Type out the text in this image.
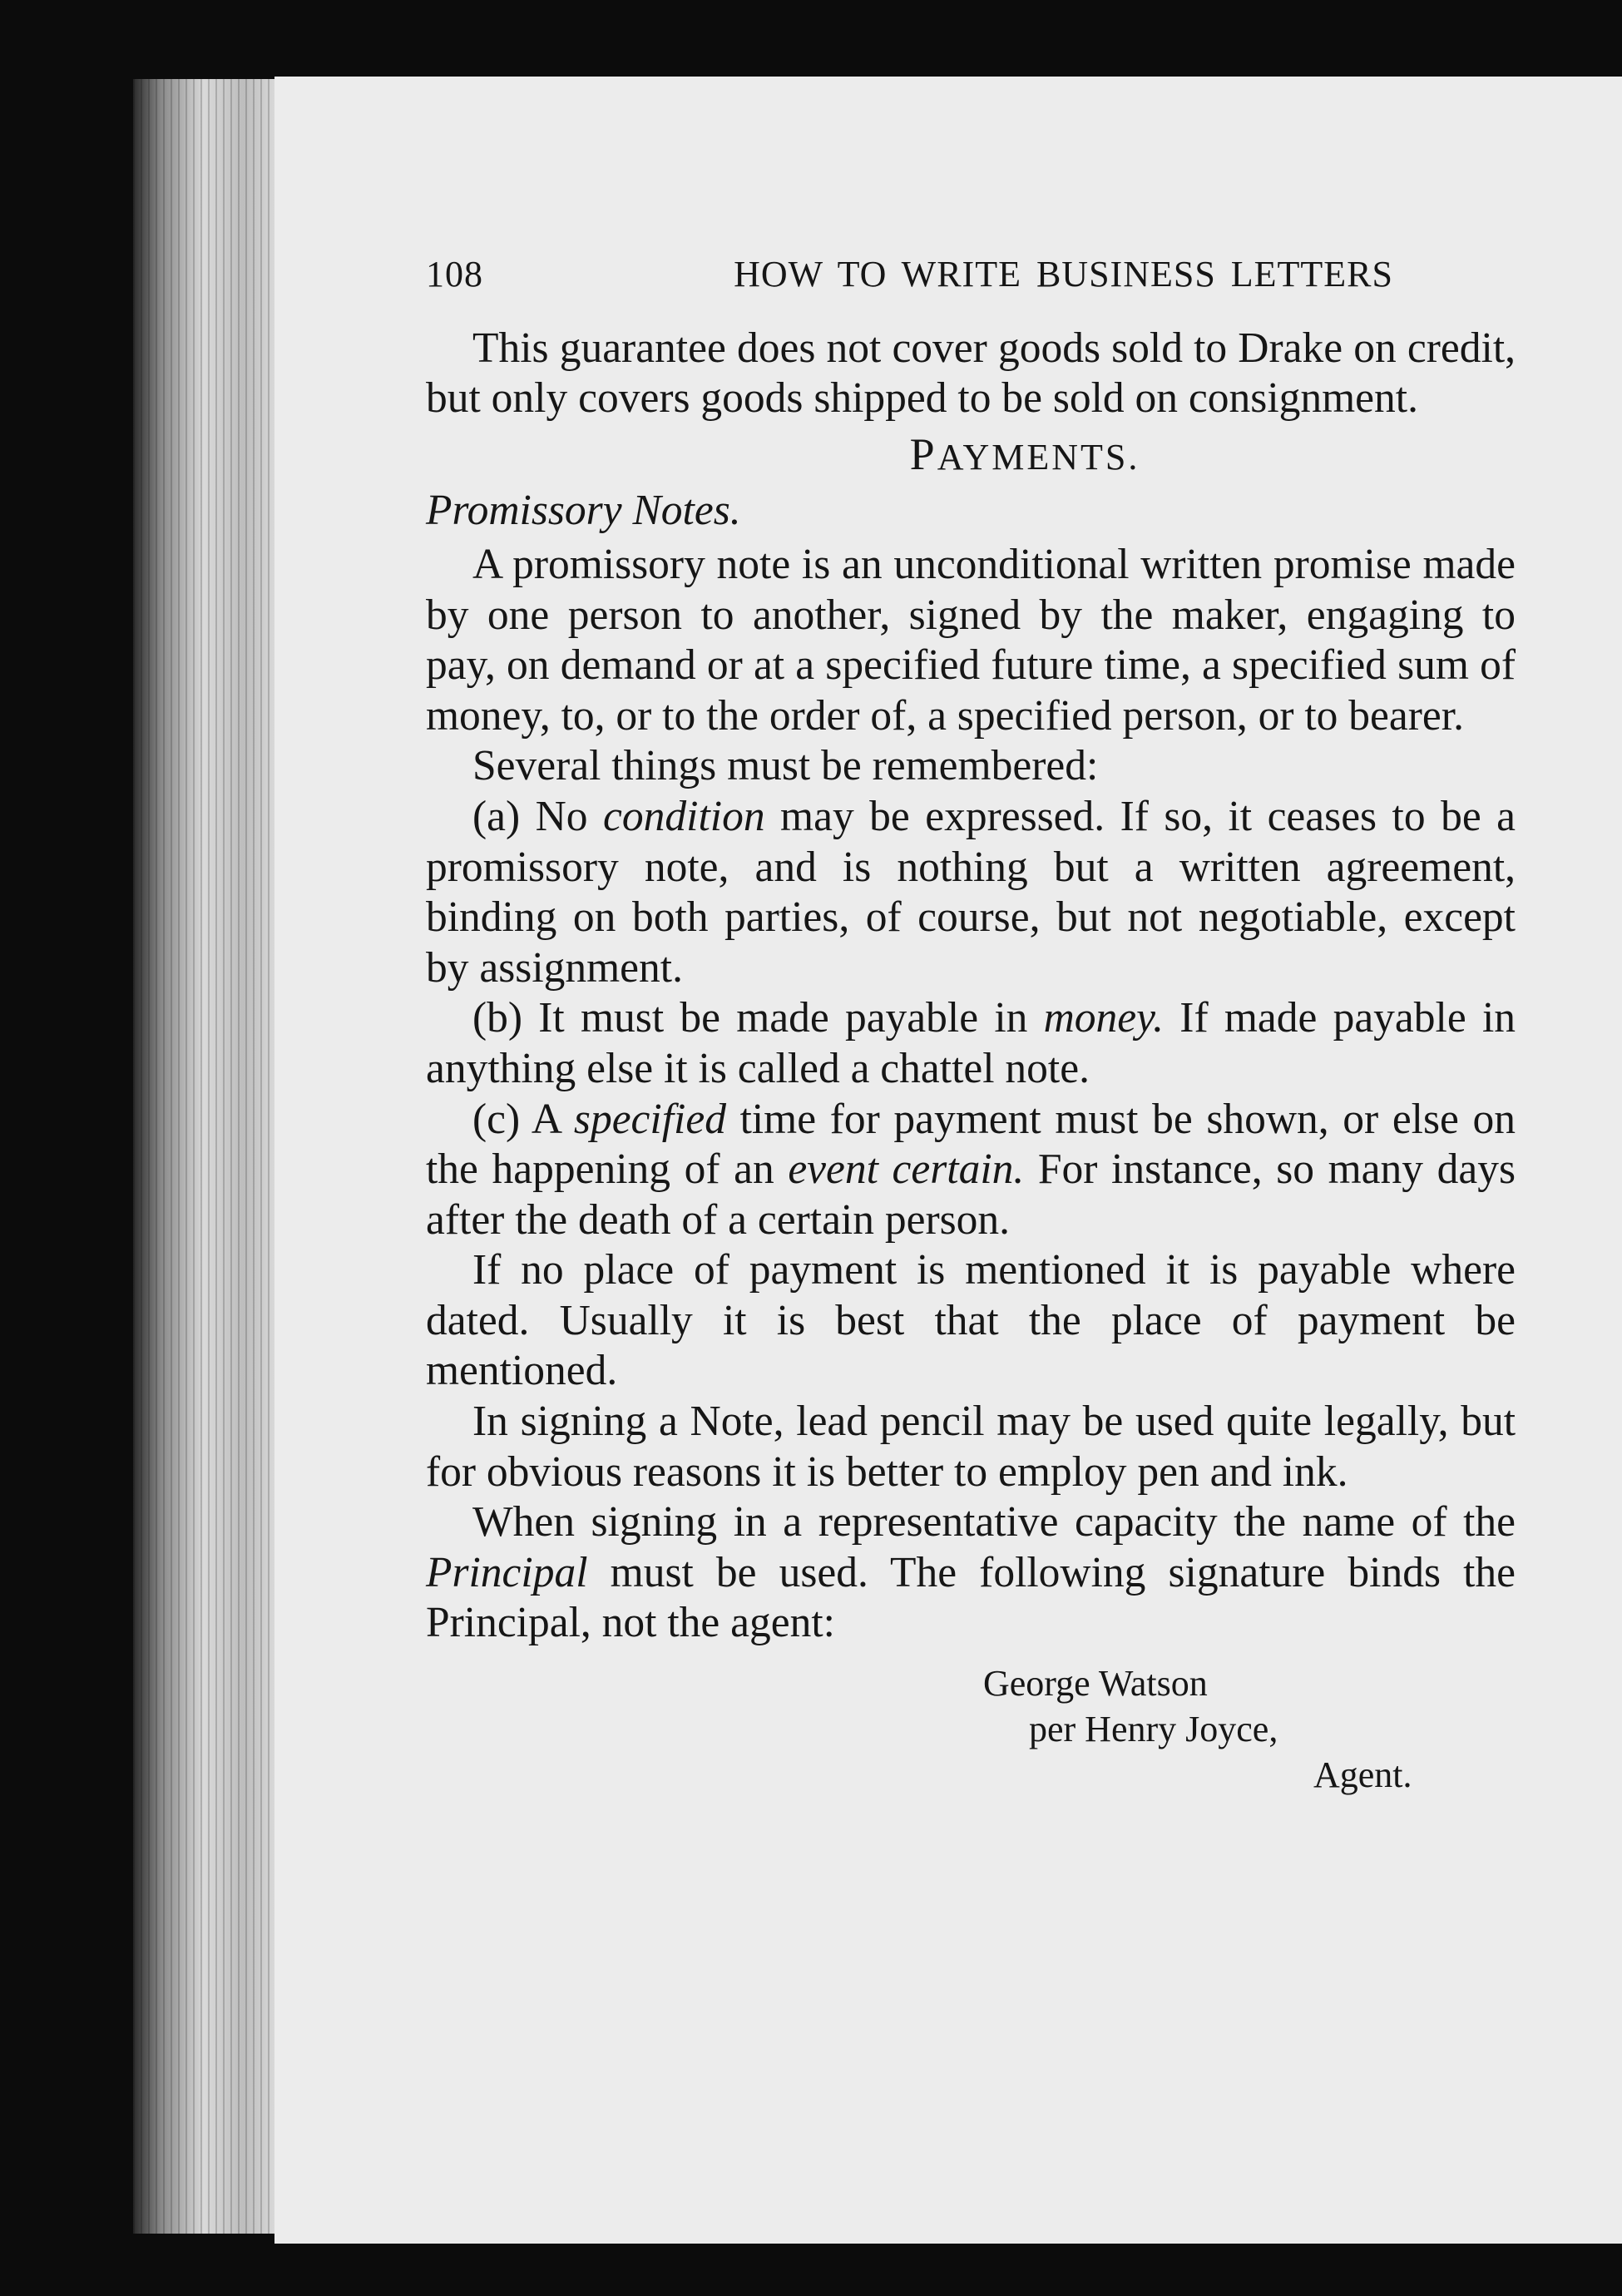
108	HOW TO WRITE BUSINESS LETTERS

This guarantee does not cover goods sold to Drake on credit, but only covers goods shipped to be sold on consignment.

PAYMENTS.
Promissory Notes.

A promissory note is an unconditional written promise made by one person to another, signed by the maker, engaging to pay, on demand or at a specified future time, a specified sum of money, to, or to the order of, a specified person, or to bearer.

Several things must be remembered:

(a) No condition may be expressed. If so, it ceases to be a promissory note, and is nothing but a written agreement, binding on both parties, of course, but not negotiable, except by assignment.

(b) It must be made payable in money. If made payable in anything else it is called a chattel note.

(c) A specified time for payment must be shown, or else on the happening of an event certain. For instance, so many days after the death of a certain person.

If no place of payment is mentioned it is payable where dated. Usually it is best that the place of payment be mentioned.

In signing a Note, lead pencil may be used quite legally, but for obvious reasons it is better to employ pen and ink.

When signing in a representative capacity the name of the Principal must be used. The following signature binds the Principal, not the agent:

George Watson
per Henry Joyce,
Agent.
